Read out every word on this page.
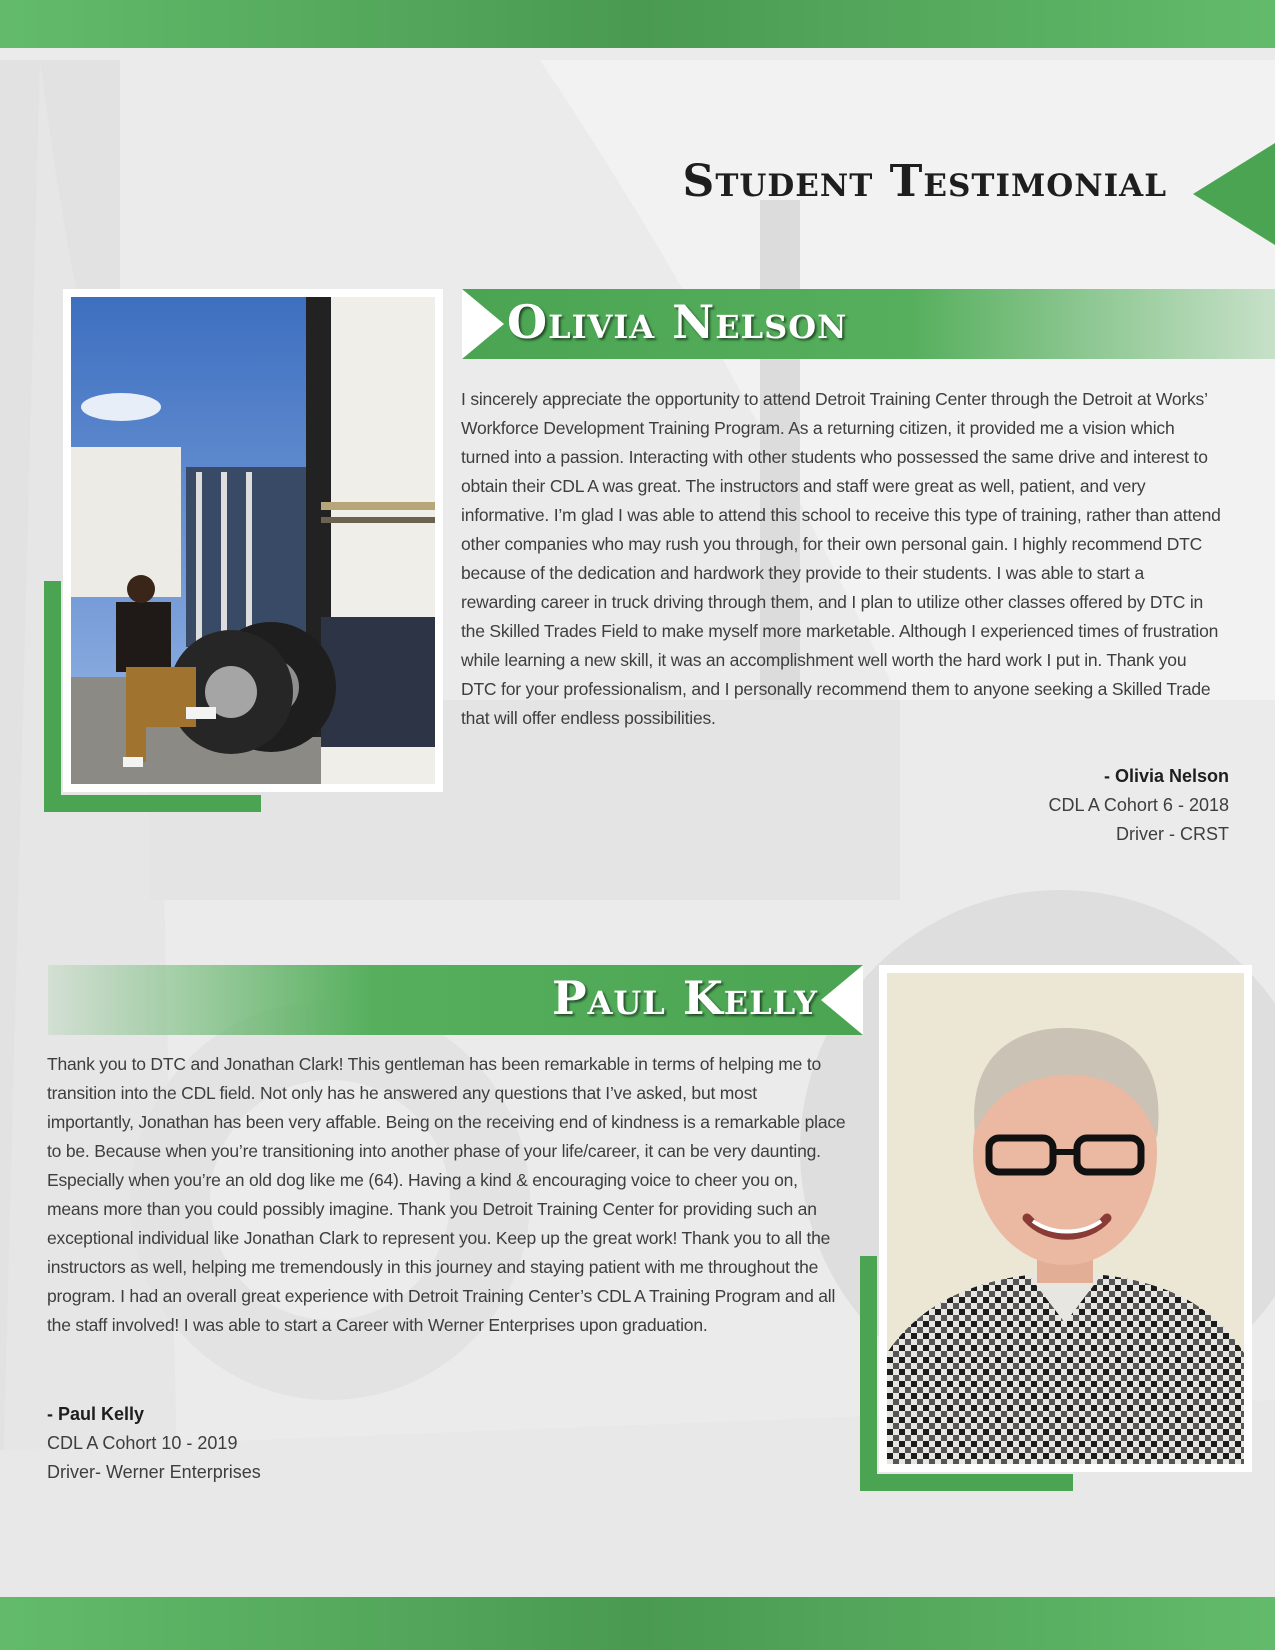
Student Testimonial
Olivia Nelson

I sincerely appreciate the opportunity to attend Detroit Training Center through the Detroit at Works’ Workforce Development Training Program. As a returning citizen, it provided me a vision which turned into a passion. Interacting with other students who possessed the same drive and interest to obtain their CDL A was great. The instructors and staff were great as well, patient, and very informative. I’m glad I was able to attend this school to receive this type of training, rather than attend other companies who may rush you through, for their own personal gain. I highly recommend DTC because of the dedication and hardwork they provide to their students. I was able to start a rewarding career in truck driving through them, and I plan to utilize other classes offered by DTC in the Skilled Trades Field to make myself more marketable. Although I experienced times of frustration while learning a new skill, it was an accomplishment well worth the hard work I put in. Thank you DTC for your professionalism, and I personally recommend them to anyone seeking a Skilled Trade that will offer endless possibilities.

- Olivia Nelson
CDL A Cohort 6 - 2018
Driver - CRST
Paul Kelly

Thank you to DTC and Jonathan Clark! This gentleman has been remarkable in terms of helping me to transition into the CDL field. Not only has he answered any questions that I’ve asked, but most importantly, Jonathan has been very affable. Being on the receiving end of kindness is a remarkable place to be. Because when you’re transitioning into another phase of your life/career, it can be very daunting. Especially when you’re an old dog like me (64). Having a kind & encouraging voice to cheer you on, means more than you could possibly imagine. Thank you Detroit Training Center for providing such an exceptional individual like Jonathan Clark to represent you. Keep up the great work! Thank you to all the instructors as well, helping me tremendously in this journey and staying patient with me throughout the program. I had an overall great experience with Detroit Training Center’s CDL A Training Program and all the staff involved! I was able to start a Career with Werner Enterprises upon graduation.

- Paul Kelly
CDL A Cohort 10 - 2019
Driver- Werner Enterprises
